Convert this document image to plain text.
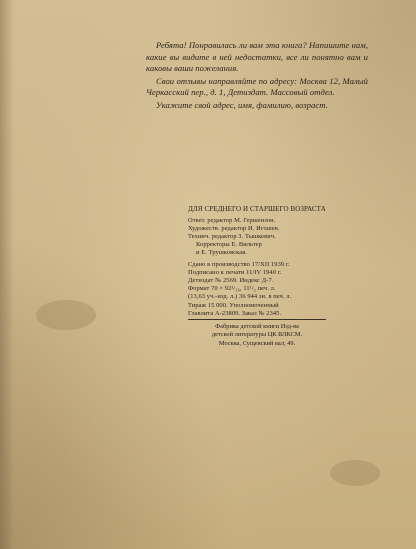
Ребята! Понравилась ли вам эта книга? Напишите нам, какие вы видите в ней недостатки, все ли понятно вам и каковы ваши пожелания.

Свои отзывы направляйте по адресу: Москва 12, Малый Черкасский пер., д. 1, Детиздат. Массовый отдел.

Укажите свой адрес, имя, фамилию, возраст.

ДЛЯ СРЕДНЕГО И СТАРШЕГО ВОЗРАСТА
Ответ. редактор М. Гершензон.
Художеств. редактор И. Игошев.
Технич. редактор З. Тышкевич.
Корректоры Е. Вильтер
и Е. Трушковская.
Сдано в производство 17/XII 1939 г.
Подписано к печати 11/IV 1940 г.
Детиздат № 2569. Индекс Д-7.
Формат 70 × 92¹/₁₆, 11¹/₂ печ. л.
(13,63 уч.-изд. л.) 36 944 зн. в печ. л.
Тираж 15 000. Уполномоченный
Главлита А-23809. Заказ № 2345.
Фабрика детской книги Изд-ва
детской литературы ЦК ВЛКСМ.
Москва, Сущевский вал, 49.
